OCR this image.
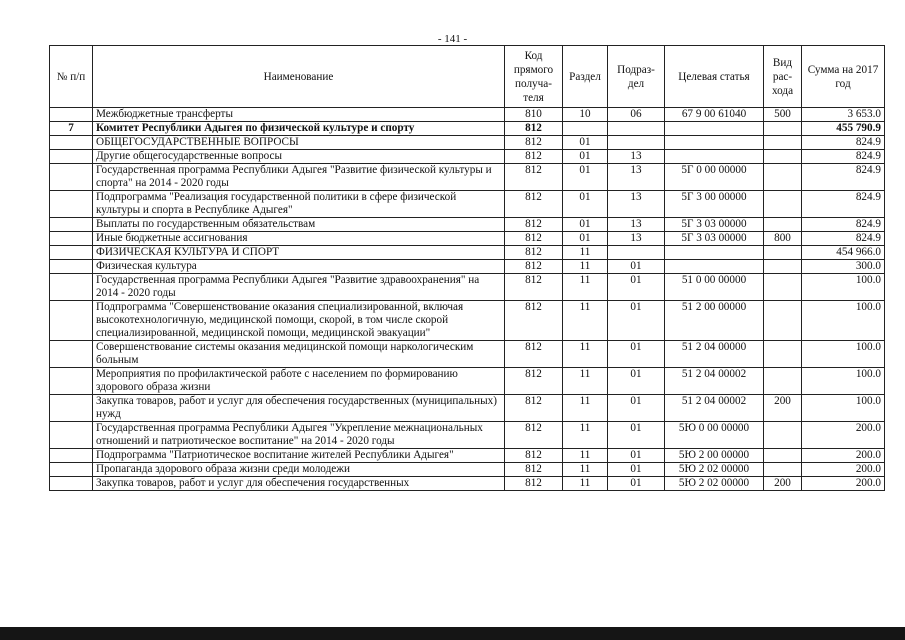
- 141 -
№ п/п	Наименование	Код прямого получа-теля	Раздел	Подраз-дел	Целевая статья	Вид рас-хода	Сумма на 2017 год
	Межбюджетные трансферты	810	10	06	67 9 00 61040	500	3 653.0
7	Комитет Республики Адыгея по физической культуре и спорту	812					455 790.9
	ОБЩЕГОСУДАРСТВЕННЫЕ ВОПРОСЫ	812	01				824.9
	Другие общегосударственные вопросы	812	01	13			824.9
	Государственная программа Республики Адыгея "Развитие физической культуры и спорта" на 2014 - 2020 годы	812	01	13	5Г 0 00 00000		824.9
	Подпрограмма "Реализация государственной политики в сфере физической культуры и спорта в Республике Адыгея"	812	01	13	5Г 3 00 00000		824.9
	Выплаты по государственным обязательствам	812	01	13	5Г 3 03 00000		824.9
	Иные бюджетные ассигнования	812	01	13	5Г 3 03 00000	800	824.9
	ФИЗИЧЕСКАЯ КУЛЬТУРА И СПОРТ	812	11				454 966.0
	Физическая культура	812	11	01			300.0
	Государственная программа Республики Адыгея "Развитие здравоохранения" на 2014 - 2020 годы	812	11	01	51 0 00 00000		100.0
	Подпрограмма "Совершенствование оказания специализированной, включая высокотехнологичную, медицинской помощи, скорой, в том числе скорой специализированной, медицинской помощи, медицинской эвакуации"	812	11	01	51 2 00 00000		100.0
	Совершенствование системы оказания медицинской помощи наркологическим больным	812	11	01	51 2 04 00000		100.0
	Мероприятия по профилактической работе с населением по формированию здорового образа жизни	812	11	01	51 2 04 00002		100.0
	Закупка товаров, работ и услуг для обеспечения государственных (муниципальных) нужд	812	11	01	51 2 04 00002	200	100.0
	Государственная программа Республики Адыгея "Укрепление межнациональных отношений и патриотическое воспитание" на 2014 - 2020 годы	812	11	01	5Ю 0 00 00000		200.0
	Подпрограмма "Патриотическое воспитание жителей Республики Адыгея"	812	11	01	5Ю 2 00 00000		200.0
	Пропаганда здорового образа жизни среди молодежи	812	11	01	5Ю 2 02 00000		200.0
	Закупка товаров, работ и услуг для обеспечения государственных	812	11	01	5Ю 2 02 00000	200	200.0
